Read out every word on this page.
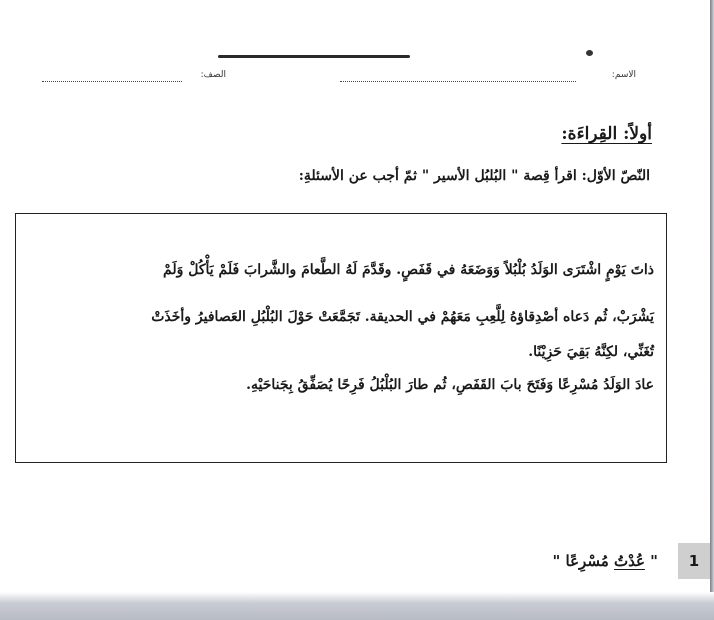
الاسم:
الصف:
أولاً: القِراءَة:
النّصّ الأوّل: اقرأ قِصة " البُلبُل الأسير " ثمّ أجب عن الأسئلةِ:
ذاتَ يَوْمٍ اشْتَرَى الوَلَدُ بُلْبُلاً وَوَضَعَهُ في قَفَصٍ. وقَدَّمَ لَهُ الطَّعامَ والشَّرابَ فَلَمْ يَأْكُلْ وَلَمْ
يَشْرَبْ، ثُم دَعاه أصْدِقاؤهُ لِلَّعِبِ مَعَهُمْ في الحديقة. تَجَمَّعَتْ حَوْلَ البُلْبُلِ العَصافيرُ وأخَذَتْ
تُغَنِّي، لكِنَّهُ بَقِيَ حَزِيْنًا.
عادَ الوَلَدُ مُسْرِعًا وَفَتَحَ بابَ القَفَصِ، ثُم طارَ البُلْبُلُ فَرِحًا يُصَفِّقُ بِجَناحَيْهِ.
1
" عُدْتُ مُسْرِعًا "
